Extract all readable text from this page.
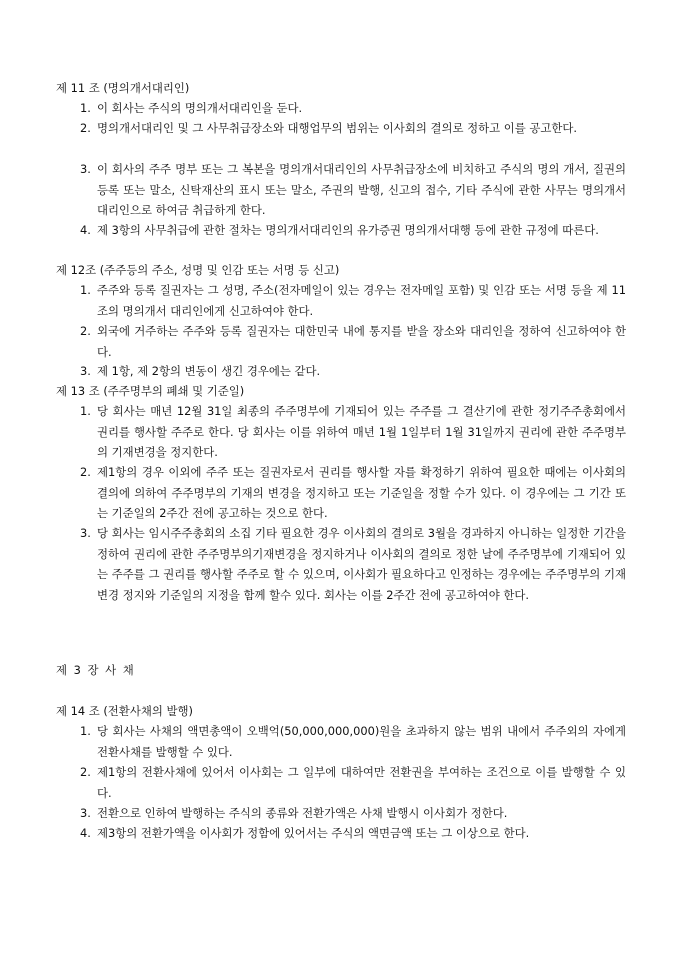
제 11 조 (명의개서대리인)
1. 이 회사는 주식의 명의개서대리인을 둔다.
2. 명의개서대리인 및 그 사무취급장소와 대행업무의 범위는 이사회의 결의로 정하고 이를 공고한다.
3. 이 회사의 주주 명부 또는 그 복본을 명의개서대리인의 사무취급장소에 비치하고 주식의 명의 개서, 질권의 등록 또는 말소, 신탁재산의 표시 또는 말소, 주권의 발행, 신고의 접수, 기타 주식에 관한 사무는 명의개서대리인으로 하여금 취급하게 한다.
4. 제 3항의 사무취급에 관한 절차는 명의개서대리인의 유가증권 명의개서대행 등에 관한 규정에 따른다.
제 12조 (주주등의 주소, 성명 및 인감 또는 서명 등 신고)
1. 주주와 등록 질권자는 그 성명, 주소(전자메일이 있는 경우는 전자메일 포함) 및 인감 또는 서명 등을 제 11조의 명의개서 대리인에게 신고하여야 한다.
2. 외국에 거주하는 주주와 등록 질권자는 대한민국 내에 통지를 받을 장소와 대리인을 정하여 신고하여야 한다.
3. 제 1항, 제 2항의 변동이 생긴 경우에는 같다.
제 13 조 (주주명부의 폐쇄 및 기준일)
1. 당 회사는 매년 12월 31일 최종의 주주명부에 기재되어 있는 주주를 그 결산기에 관한 정기주주총회에서 권리를 행사할 주주로 한다. 당 회사는 이를 위하여 매년 1월 1일부터 1월 31일까지 권리에 관한 주주명부의 기재변경을 정지한다.
2. 제1항의 경우 이외에 주주 또는 질권자로서 권리를 행사할 자를 확정하기 위하여 필요한 때에는 이사회의 결의에 의하여 주주명부의 기재의 변경을 정지하고 또는 기준일을 정할 수가 있다. 이 경우에는 그 기간 또는 기준일의 2주간 전에 공고하는 것으로 한다.
3. 당 회사는 임시주주총회의 소집 기타 필요한 경우 이사회의 결의로 3월을 경과하지 아니하는 일정한 기간을정하여 권리에 관한 주주명부의기재변경을 정지하거나 이사회의 결의로 정한 날에 주주명부에 기재되어 있는 주주를 그 권리를 행사할 주주로 할 수 있으며, 이사회가 필요하다고 인정하는 경우에는 주주명부의 기재변경 정지와 기준일의 지정을 함께 할수 있다. 회사는 이를 2주간 전에 공고하여야 한다.
제 3 장 사 채
제 14 조 (전환사채의 발행)
1. 당 회사는 사채의 액면총액이 오백억(50,000,000,000)원을 초과하지 않는 범위 내에서 주주외의 자에게 전환사채를 발행할 수 있다.
2. 제1항의 전환사채에 있어서 이사회는 그 일부에 대하여만 전환권을 부여하는 조건으로 이를 발행할 수 있다.
3. 전환으로 인하여 발행하는 주식의 종류와 전환가액은 사채 발행시 이사회가 정한다.
4. 제3항의 전환가액을 이사회가 정함에 있어서는 주식의 액면금액 또는 그 이상으로 한다.
